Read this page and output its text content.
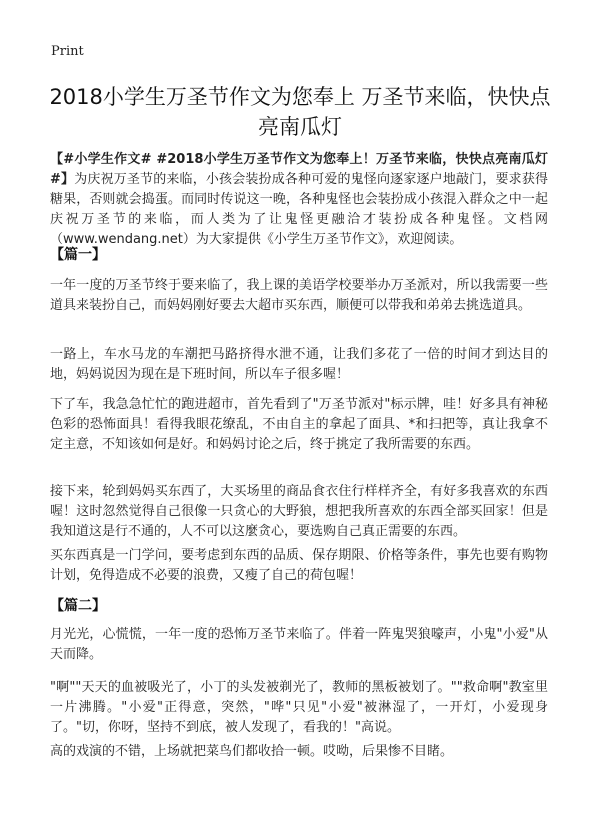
Print
2018小学生万圣节作文为您奉上 万圣节来临，快快点亮南瓜灯
【#小学生作文# #2018小学生万圣节作文为您奉上！万圣节来临，快快点亮南瓜灯#】为庆祝万圣节的来临，小孩会装扮成各种可爱的鬼怪向逐家逐户地敲门，要求获得糖果，否则就会捣蛋。而同时传说这一晚，各种鬼怪也会装扮成小孩混入群众之中一起庆祝万圣节的来临，而人类为了让鬼怪更融洽才装扮成各种鬼怪。文档网（www.wendang.net）为大家提供《小学生万圣节作文》，欢迎阅读。
【篇一】
一年一度的万圣节终于要来临了，我上课的美语学校要举办万圣派对，所以我需要一些道具来装扮自己，而妈妈刚好要去大超市买东西，顺便可以带我和弟弟去挑选道具。
一路上，车水马龙的车潮把马路挤得水泄不通，让我们多花了一倍的时间才到达目的地，妈妈说因为现在是下班时间，所以车子很多喔！
下了车，我急急忙忙的跑进超市，首先看到了"万圣节派对"标示牌，哇！好多具有神秘色彩的恐怖面具！看得我眼花缭乱，不由自主的拿起了面具、*和扫把等，真让我拿不定主意，不知该如何是好。和妈妈讨论之后，终于挑定了我所需要的东西。
接下来，轮到妈妈买东西了，大买场里的商品食衣住行样样齐全，有好多我喜欢的东西喔！这时忽然觉得自己很像一只贪心的大野狼，想把我所喜欢的东西全部买回家！但是我知道这是行不通的，人不可以这麼贪心，要选购自己真正需要的东西。
买东西真是一门学问，要考虑到东西的品质、保存期限、价格等条件，事先也要有购物计划，免得造成不必要的浪费，又瘦了自己的荷包喔！
【篇二】
月光光，心慌慌，一年一度的恐怖万圣节来临了。伴着一阵鬼哭狼嚎声，小鬼"小爱"从天而降。
"啊""天天的血被吸光了，小丁的头发被剃光了，教师的黑板被划了。""救命啊"教室里一片沸腾。"小爱"正得意，突然，"哗"只见"小爱"被淋湿了，一开灯，小爱现身了。"切，你呀，坚持不到底，被人发现了，看我的！"高说。
高的戏演的不错，上场就把菜鸟们都收拾一顿。哎呦，后果惨不目睹。
